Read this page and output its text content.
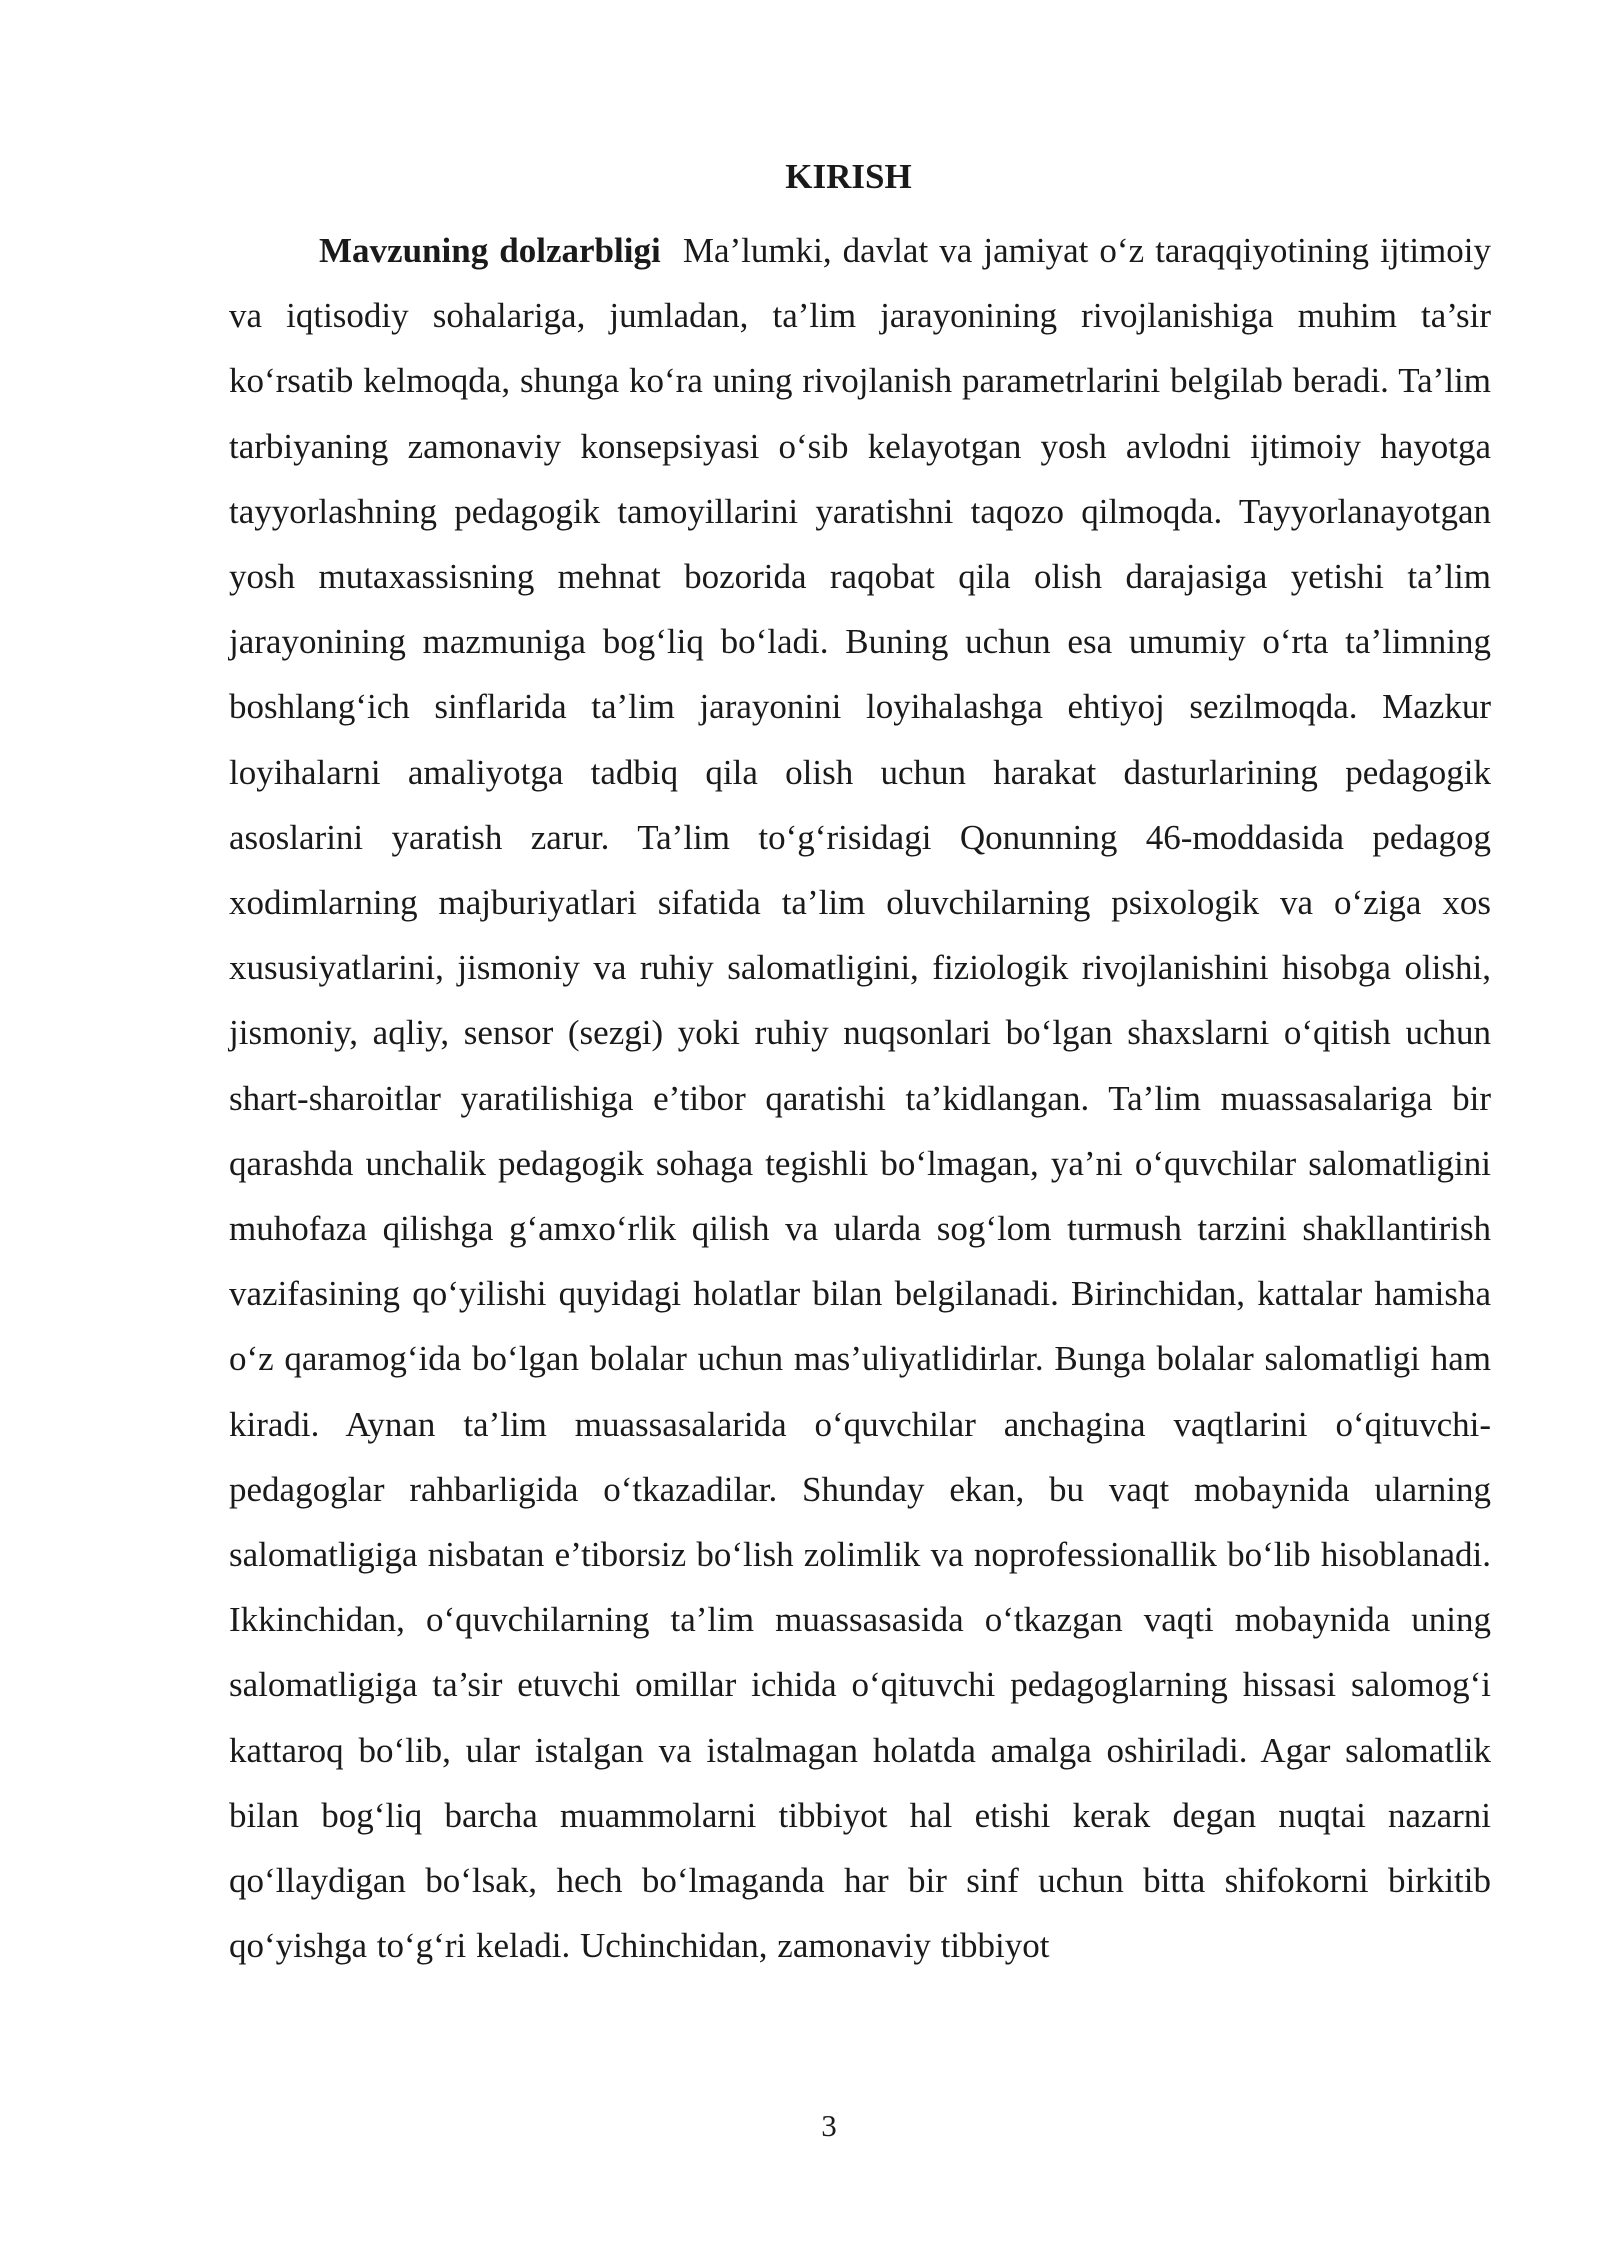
KIRISH

Mavzuning dolzarbligi Ma’lumki, davlat va jamiyat o‘z taraqqiyotining ijtimoiy va iqtisodiy sohalariga, jumladan, ta’lim jarayonining rivojlanishiga muhim ta’sir ko‘rsatib kelmoqda, shunga ko‘ra uning rivojlanish parametrlarini belgilab beradi. Ta’lim tarbiyaning zamonaviy konsepsiyasi o‘sib kelayotgan yosh avlodni ijtimoiy hayotga tayyorlashning pedagogik tamoyillarini yaratishni taqozo qilmoqda. Tayyorlanayotgan yosh mutaxassisning mehnat bozorida raqobat qila olish darajasiga yetishi ta’lim jarayonining mazmuniga bog‘liq bo‘ladi. Buning uchun esa umumiy o‘rta ta’limning boshlang‘ich sinflarida ta’lim jarayonini loyihalashga ehtiyoj sezilmoqda. Mazkur loyihalarni amaliyotga tadbiq qila olish uchun harakat dasturlarining pedagogik asoslarini yaratish zarur. Ta’lim to‘g‘risidagi Qonunning 46-moddasida pedagog xodimlarning majburiyatlari sifatida ta’lim oluvchilarning psixologik va o‘ziga xos xususiyatlarini, jismoniy va ruhiy salomatligini, fiziologik rivojlanishini hisobga olishi, jismoniy, aqliy, sensor (sezgi) yoki ruhiy nuqsonlari bo‘lgan shaxslarni o‘qitish uchun shart-sharoitlar yaratilishiga e’tibor qaratishi ta’kidlangan. Ta’lim muassasalariga bir qarashda unchalik pedagogik sohaga tegishli bo‘lmagan, ya’ni o‘quvchilar salomatligini muhofaza qilishga g‘amxo‘rlik qilish va ularda sog‘lom turmush tarzini shakllantirish vazifasining qo‘yilishi quyidagi holatlar bilan belgilanadi. Birinchidan, kattalar hamisha o‘z qaramog‘ida bo‘lgan bolalar uchun mas’uliyatlidirlar. Bunga bolalar salomatligi ham kiradi. Aynan ta’lim muassasalarida o‘quvchilar anchagina vaqtlarini o‘qituvchi-pedagoglar rahbarligida o‘tkazadilar. Shunday ekan, bu vaqt mobaynida ularning salomatligiga nisbatan e’tiborsiz bo‘lish zolimlik va noprofessionallik bo‘lib hisoblanadi. Ikkinchidan, o‘quvchilarning ta’lim muassasasida o‘tkazgan vaqti mobaynida uning salomatligiga ta’sir etuvchi omillar ichida o‘qituvchi pedagoglarning hissasi salomog‘i kattaroq bo‘lib, ular istalgan va istalmagan holatda amalga oshiriladi. Agar salomatlik bilan bog‘liq barcha muammolarni tibbiyot hal etishi kerak degan nuqtai nazarni qo‘llaydigan bo‘lsak, hech bo‘lmaganda har bir sinf uchun bitta shifokorni birkitib qo‘yishga to‘g‘ri keladi. Uchinchidan, zamonaviy tibbiyot

3
